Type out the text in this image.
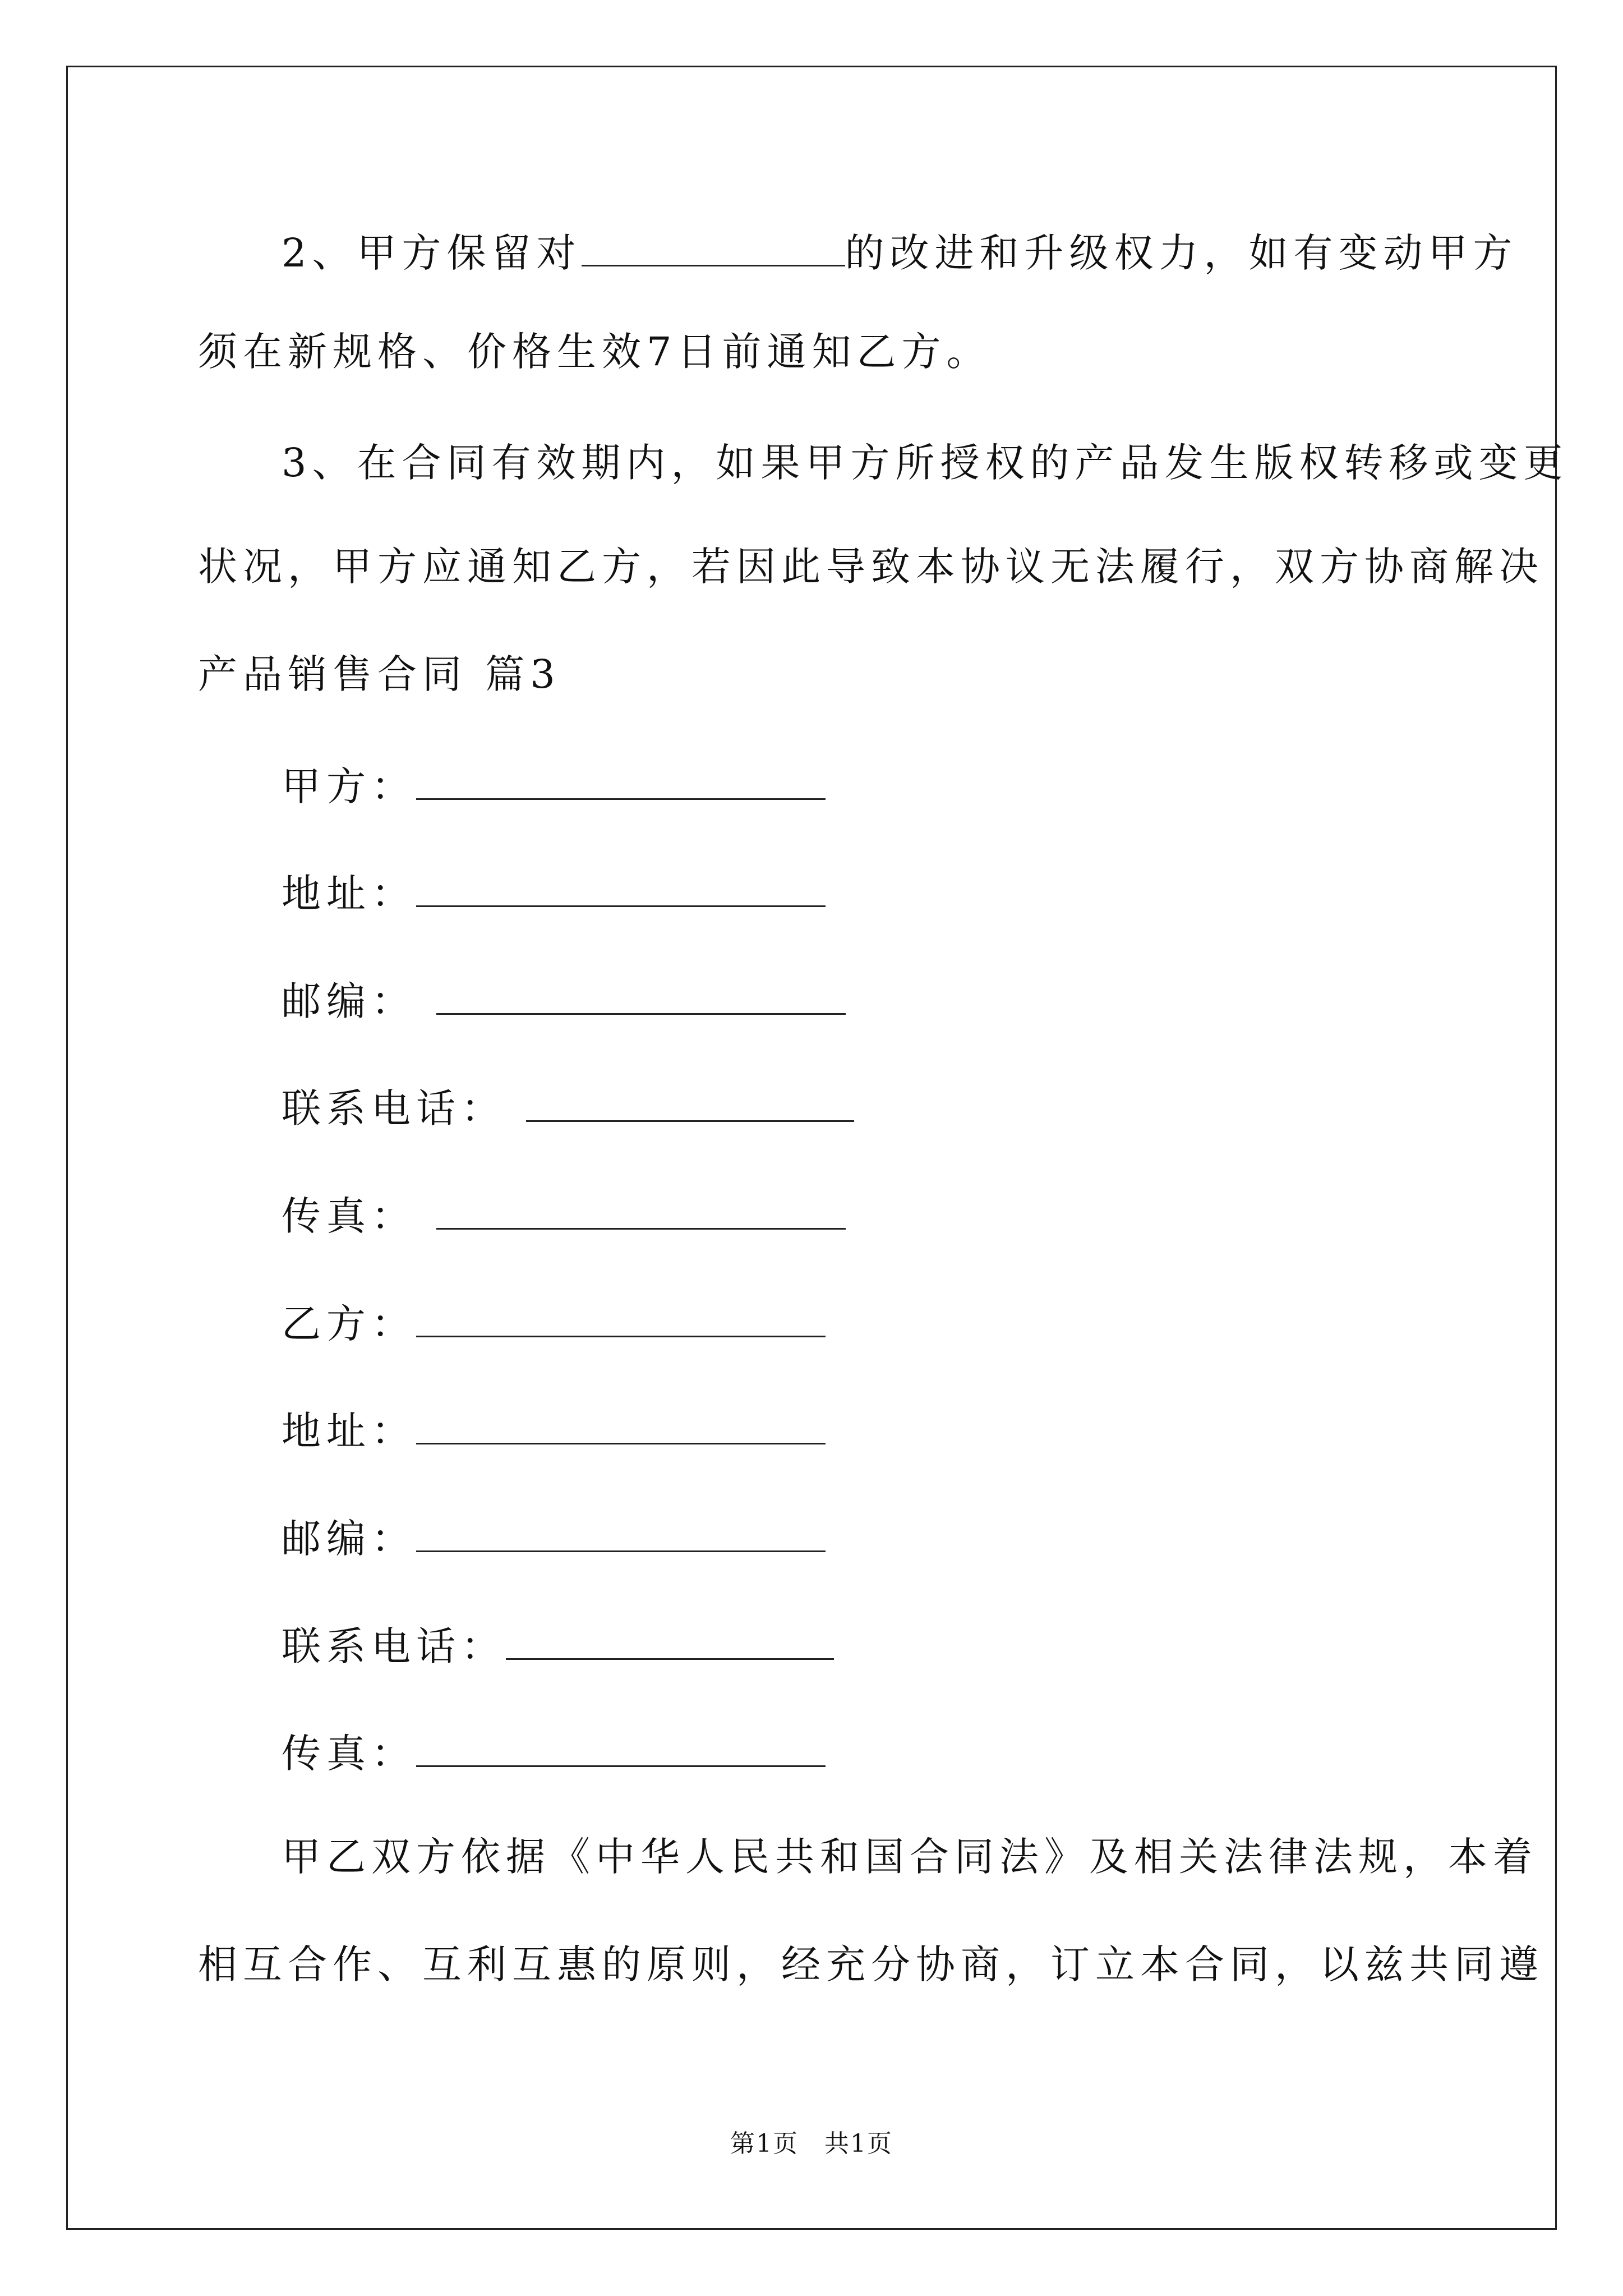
2、甲方保留对	的改进和升级权力，如有变动甲方
须在新规格、价格生效7日前通知乙方。
3、在合同有效期内，如果甲方所授权的产品发生版权转移或变更
状况，甲方应通知乙方，若因此导致本协议无法履行，双方协商解决
产品销售合同 篇3
甲方：
地址：
邮编：
联系电话：
传真：
乙方：
地址：
邮编：
联系电话：
传真：
甲乙双方依据《中华人民共和国合同法》及相关法律法规，本着
相互合作、互利互惠的原则，经充分协商，订立本合同，以兹共同遵
第1页　共1页
